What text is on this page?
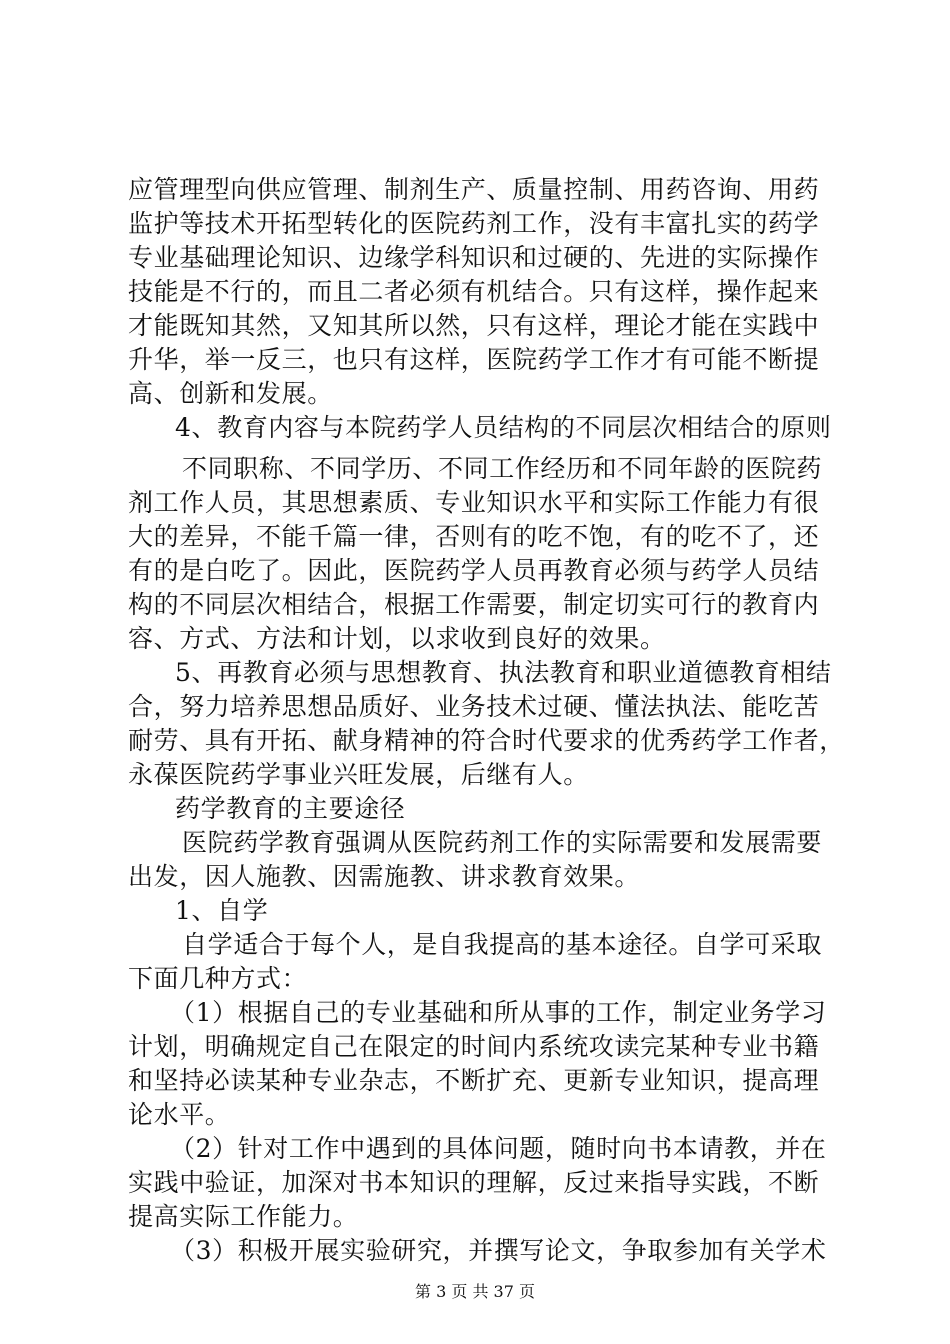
应管理型向供应管理、制剂生产、质量控制、用药咨询、用药
监护等技术开拓型转化的医院药剂工作，没有丰富扎实的药学
专业基础理论知识、边缘学科知识和过硬的、先进的实际操作
技能是不行的，而且二者必须有机结合。只有这样，操作起来
才能既知其然，又知其所以然，只有这样，理论才能在实践中
升华，举一反三，也只有这样，医院药学工作才有可能不断提
高、创新和发展。
4、教育内容与本院药学人员结构的不同层次相结合的原则
不同职称、不同学历、不同工作经历和不同年龄的医院药
剂工作人员，其思想素质、专业知识水平和实际工作能力有很
大的差异，不能千篇一律，否则有的吃不饱，有的吃不了，还
有的是白吃了。因此，医院药学人员再教育必须与药学人员结
构的不同层次相结合，根据工作需要，制定切实可行的教育内
容、方式、方法和计划，以求收到良好的效果。
5、再教育必须与思想教育、执法教育和职业道德教育相结
合，努力培养思想品质好、业务技术过硬、懂法执法、能吃苦
耐劳、具有开拓、献身精神的符合时代要求的优秀药学工作者，
永葆医院药学事业兴旺发展，后继有人。
药学教育的主要途径
医院药学教育强调从医院药剂工作的实际需要和发展需要
出发，因人施教、因需施教、讲求教育效果。
1、自学
自学适合于每个人，是自我提高的基本途径。自学可采取
下面几种方式：
（1）根据自己的专业基础和所从事的工作，制定业务学习
计划，明确规定自己在限定的时间内系统攻读完某种专业书籍
和坚持必读某种专业杂志，不断扩充、更新专业知识，提高理
论水平。
（2）针对工作中遇到的具体问题，随时向书本请教，并在
实践中验证，加深对书本知识的理解，反过来指导实践，不断
提高实际工作能力。
（3）积极开展实验研究，并撰写论文，争取参加有关学术
第 3 页 共 37 页
